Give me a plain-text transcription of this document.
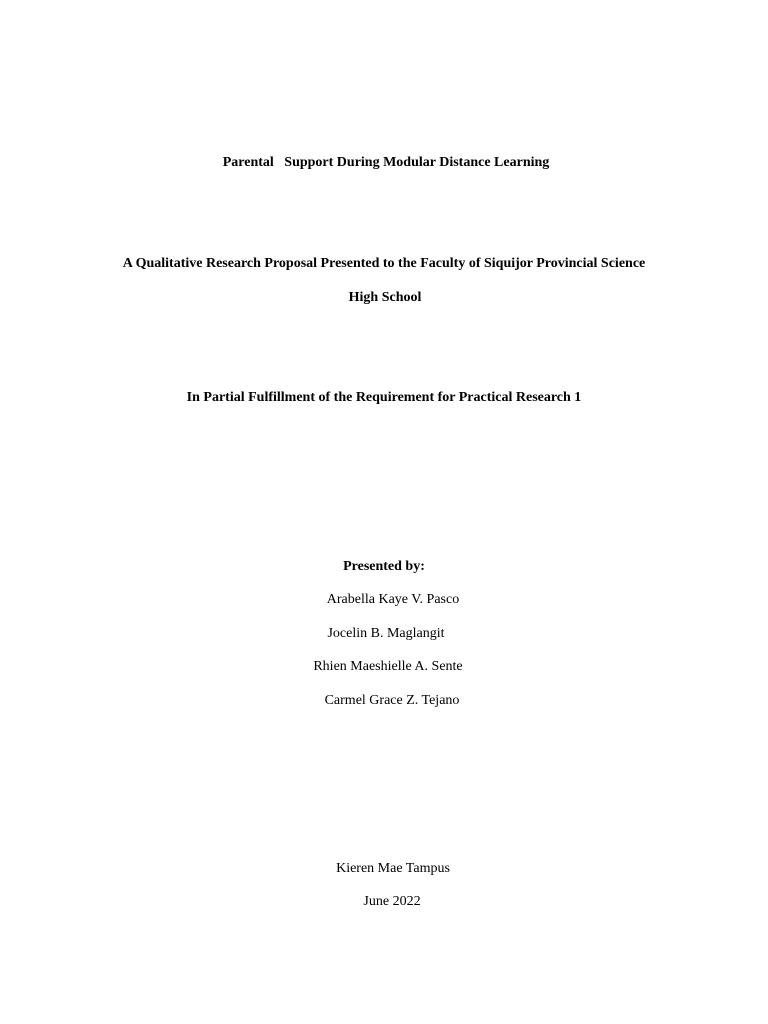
Parental   Support During Modular Distance Learning
A Qualitative Research Proposal Presented to the Faculty of Siquijor Provincial Science
High School
In Partial Fulfillment of the Requirement for Practical Research 1
Presented by:
Arabella Kaye V. Pasco
Jocelin B. Maglangit
Rhien Maeshielle A. Sente
Carmel Grace Z. Tejano
Kieren Mae Tampus
June 2022
